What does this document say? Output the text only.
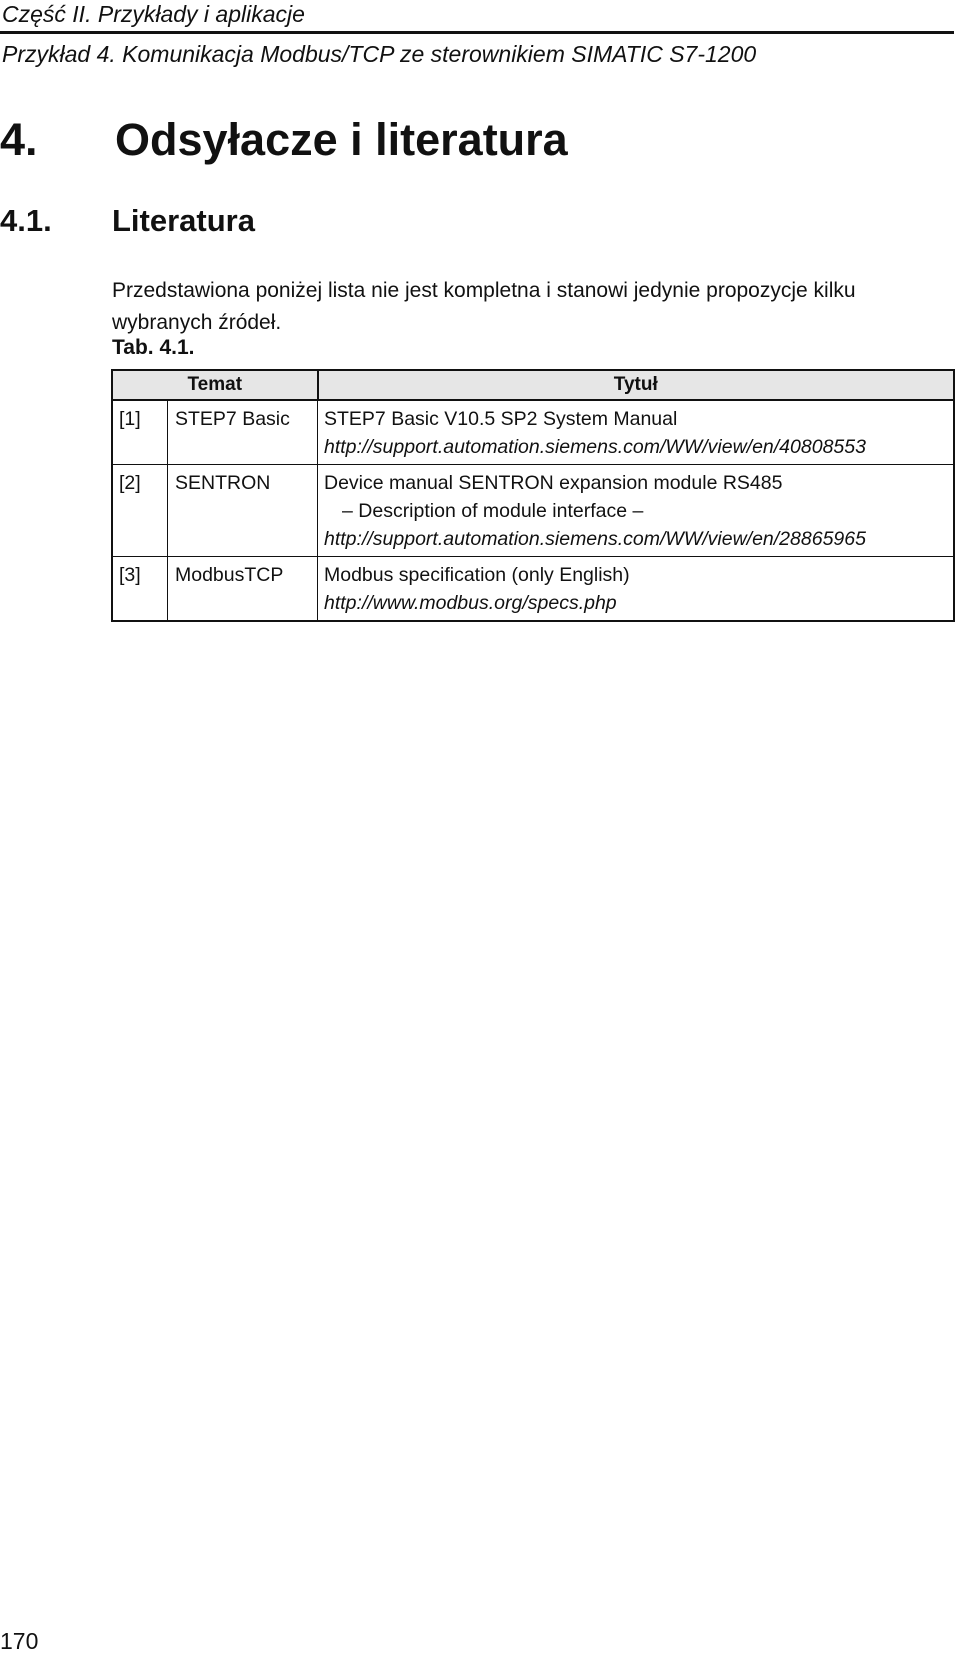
Część II. Przykłady i aplikacje
Przykład 4. Komunikacja Modbus/TCP ze sterownikiem SIMATIC S7-1200
4. Odsyłacze i literatura
4.1. Literatura

Przedstawiona poniżej lista nie jest kompletna i stanowi jedynie propozycje kilku wybranych źródeł.

Tab. 4.1.
Temat		Tytuł
[1]	STEP7 Basic	STEP7 Basic V10.5 SP2 System Manual
http://support.automation.siemens.com/WW/view/en/40808553

[2]	SENTRON	Device manual SENTRON expansion module RS485
– Description of module interface –
http://support.automation.siemens.com/WW/view/en/28865965

[3]	ModbusTCP	Modbus specification (only English)
http://www.modbus.org/specs.php
170
